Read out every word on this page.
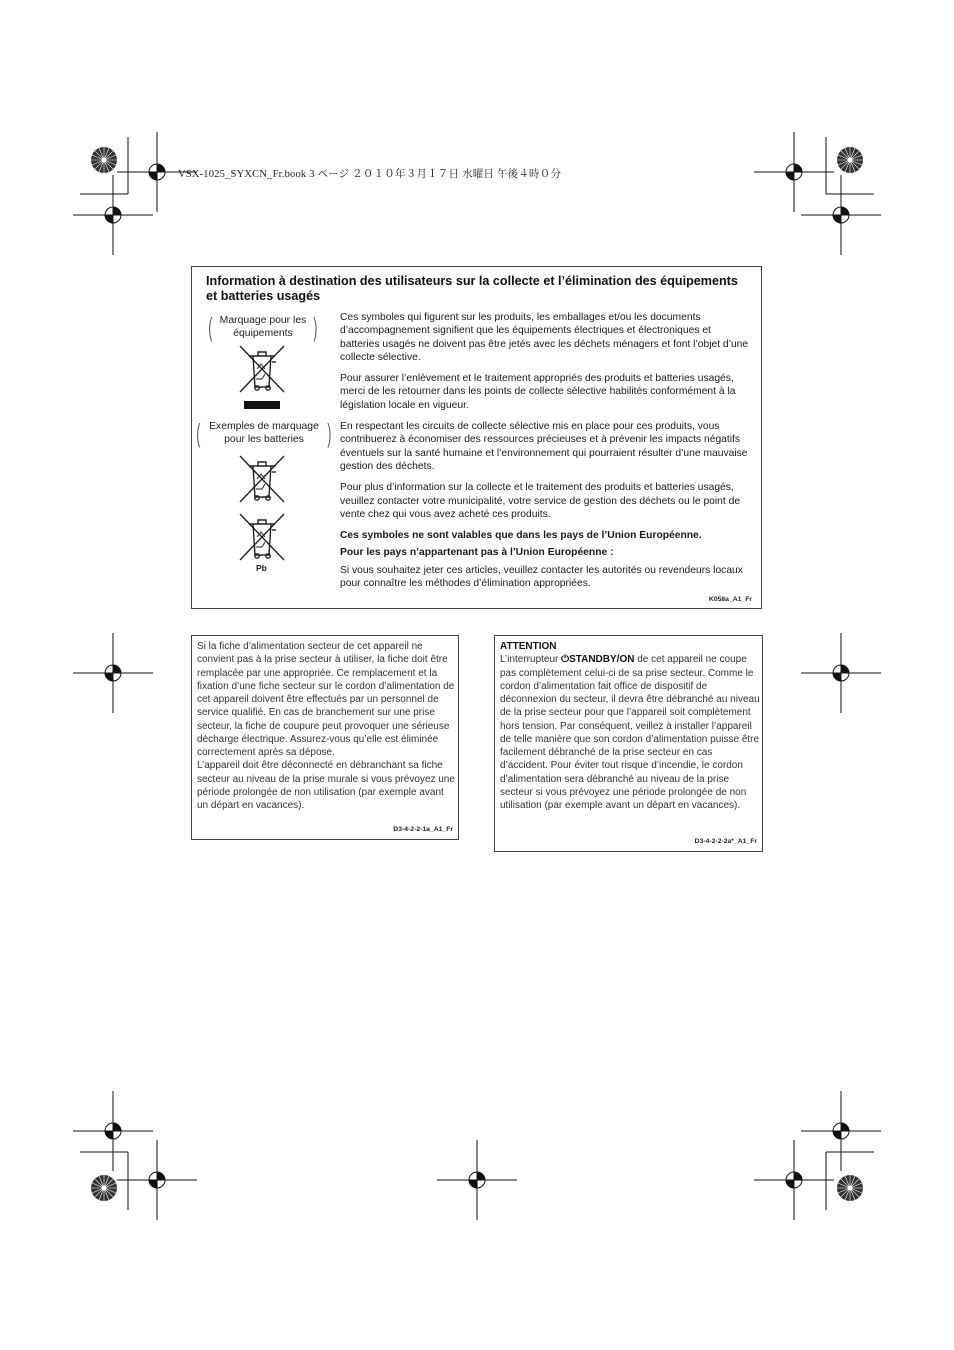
VSX-1025_SYXCN_Fr.book 3 ページ ２０１０年３月１７日 水曜日 午後４時０分
Information à destination des utilisateurs sur la collecte et l’élimination des équipements et batteries usagés
( Marquage pour les équipements )
( Exemples de marquage pour les batteries )
Pb

Ces symboles qui figurent sur les produits, les emballages et/ou les documents d’accompagnement signifient que les équipements électriques et électroniques et batteries usagés ne doivent pas être jetés avec les déchets ménagers et font l’objet d’une collecte sélective.

Pour assurer l’enlèvement et le traitement appropriés des produits et batteries usagés, merci de les retourner dans les points de collecte sélective habilités conformément à la législation locale en vigueur.

En respectant les circuits de collecte sélective mis en place pour ces produits, vous contribuerez à économiser des ressources précieuses et à prévenir les impacts négatifs éventuels sur la santé humaine et l’environnement qui pourraient résulter d’une mauvaise gestion des déchets.

Pour plus d’information sur la collecte et le traitement des produits et batteries usagés, veuillez contacter votre municipalité, votre service de gestion des déchets ou le point de vente chez qui vous avez acheté ces produits.

Ces symboles ne sont valables que dans les pays de l’Union Européenne.

Pour les pays n’appartenant pas à l’Union Européenne :

Si vous souhaitez jeter ces articles, veuillez contacter les autorités ou revendeurs locaux pour connaître les méthodes d’élimination appropriées.

K058a_A1_Fr

Si la fiche d’alimentation secteur de cet appareil ne convient pas à la prise secteur à utiliser, la fiche doit être remplacée par une appropriée. Ce remplacement et la fixation d’une fiche secteur sur le cordon d’alimentation de cet appareil doivent être effectués par un personnel de service qualifié. En cas de branchement sur une prise secteur, la fiche de coupure peut provoquer une sérieuse décharge électrique. Assurez-vous qu’elle est éliminée correctement après sa dépose.

L’appareil doit être déconnecté en débranchant sa fiche secteur au niveau de la prise murale si vous prévoyez une période prolongée de non utilisation (par exemple avant un départ en vacances).

D3-4-2-2-1a_A1_Fr

ATTENTION

L’interrupteur ⏻STANDBY/ON de cet appareil ne coupe pas complètement celui-ci de sa prise secteur. Comme le cordon d’alimentation fait office de dispositif de déconnexion du secteur, il devra être débranché au niveau de la prise secteur pour que l’appareil soit complètement hors tension. Par conséquent, veillez à installer l’appareil de telle manière que son cordon d’alimentation puisse être facilement débranché de la prise secteur en cas d’accident. Pour éviter tout risque d’incendie, le cordon d’alimentation sera débranché au niveau de la prise secteur si vous prévoyez une période prolongée de non utilisation (par exemple avant un départ en vacances).

D3-4-2-2-2a*_A1_Fr
